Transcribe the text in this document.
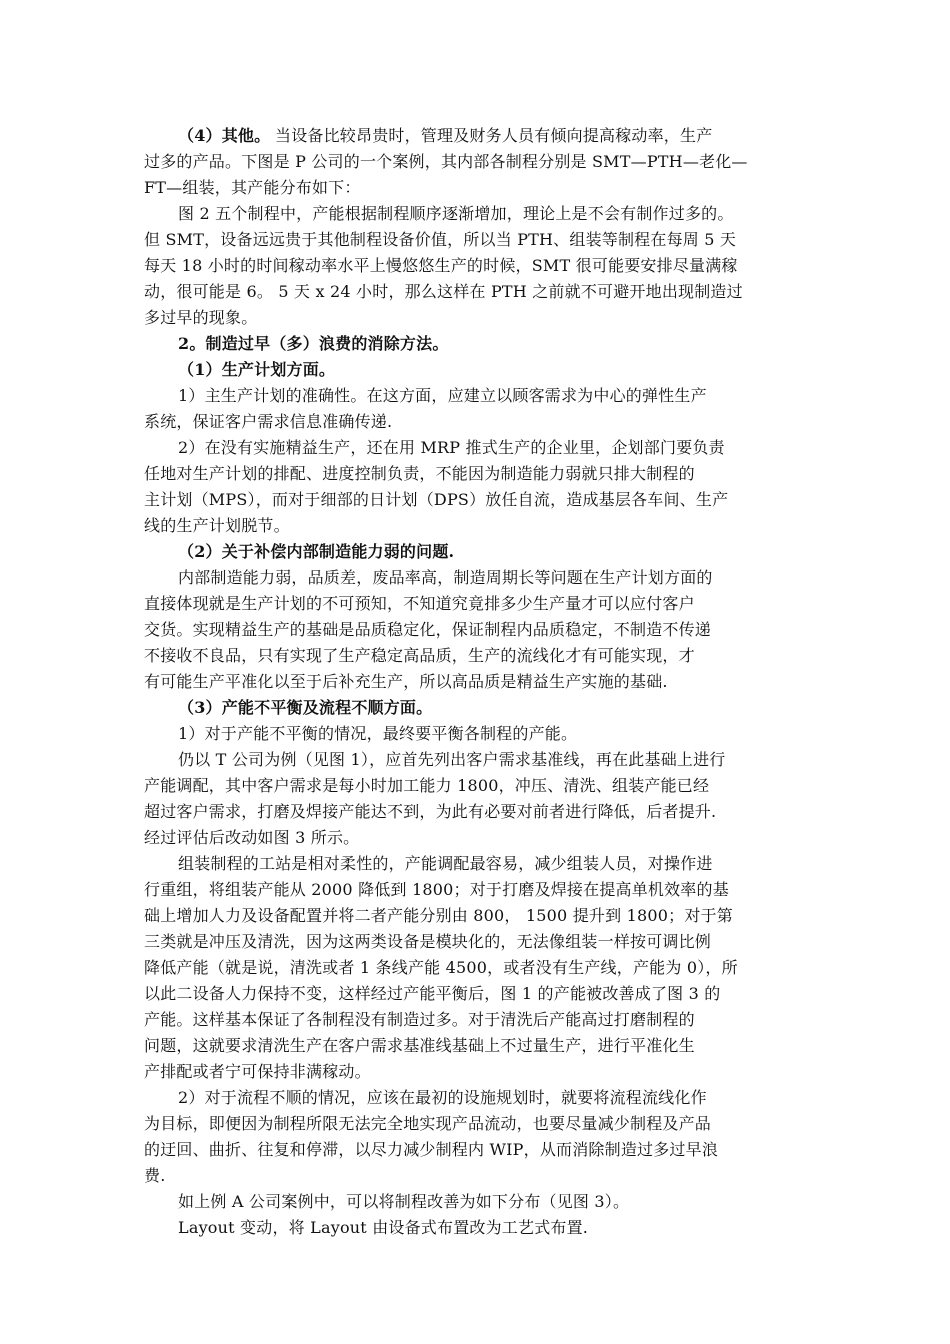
（4）其他。 当设备比较昂贵时，管理及财务人员有倾向提高稼动率，生产
过多的产品。下图是 P 公司的一个案例，其内部各制程分别是 SMT—PTH—老化—
FT—组装，其产能分布如下：
图 2 五个制程中，产能根据制程顺序逐渐增加，理论上是不会有制作过多的。
但 SMT，设备远远贵于其他制程设备价值，所以当 PTH、组装等制程在每周 5 天
每天 18 小时的时间稼动率水平上慢悠悠生产的时候，SMT 很可能要安排尽量满稼
动，很可能是 6。 5 天 x 24 小时，那么这样在 PTH 之前就不可避开地出现制造过
多过早的现象。
2。制造过早（多）浪费的消除方法。
（1）生产计划方面。
1）主生产计划的准确性。在这方面，应建立以顾客需求为中心的弹性生产
系统，保证客户需求信息准确传递.
2）在没有实施精益生产，还在用 MRP 推式生产的企业里，企划部门要负责
任地对生产计划的排配、进度控制负责，不能因为制造能力弱就只排大制程的
主计划（MPS），而对于细部的日计划（DPS）放任自流，造成基层各车间、生产
线的生产计划脱节。
（2）关于补偿内部制造能力弱的问题.
内部制造能力弱，品质差，废品率高，制造周期长等问题在生产计划方面的
直接体现就是生产计划的不可预知，不知道究竟排多少生产量才可以应付客户
交货。实现精益生产的基础是品质稳定化，保证制程内品质稳定，不制造不传递
不接收不良品，只有实现了生产稳定高品质，生产的流线化才有可能实现，才
有可能生产平准化以至于后补充生产，所以高品质是精益生产实施的基础.
（3）产能不平衡及流程不顺方面。
1）对于产能不平衡的情况，最终要平衡各制程的产能。
仍以 T 公司为例（见图 1），应首先列出客户需求基准线，再在此基础上进行
产能调配，其中客户需求是每小时加工能力 1800，冲压、清洗、组装产能已经
超过客户需求，打磨及焊接产能达不到，为此有必要对前者进行降低，后者提升.
经过评估后改动如图 3 所示。
组装制程的工站是相对柔性的，产能调配最容易，减少组装人员，对操作进
行重组，将组装产能从 2000 降低到 1800；对于打磨及焊接在提高单机效率的基
础上增加人力及设备配置并将二者产能分别由 800， 1500 提升到 1800；对于第
三类就是冲压及清洗，因为这两类设备是模块化的，无法像组装一样按可调比例
降低产能（就是说，清洗或者 1 条线产能 4500，或者没有生产线，产能为 0），所
以此二设备人力保持不变，这样经过产能平衡后，图 1 的产能被改善成了图 3 的
产能。这样基本保证了各制程没有制造过多。对于清洗后产能高过打磨制程的
问题，这就要求清洗生产在客户需求基准线基础上不过量生产，进行平准化生
产排配或者宁可保持非满稼动。
2）对于流程不顺的情况，应该在最初的设施规划时，就要将流程流线化作
为目标，即便因为制程所限无法完全地实现产品流动，也要尽量减少制程及产品
的迂回、曲折、往复和停滞，以尽力减少制程内 WIP，从而消除制造过多过早浪
费.
如上例 A 公司案例中，可以将制程改善为如下分布（见图 3）。
Layout 变动，将 Layout 由设备式布置改为工艺式布置.
